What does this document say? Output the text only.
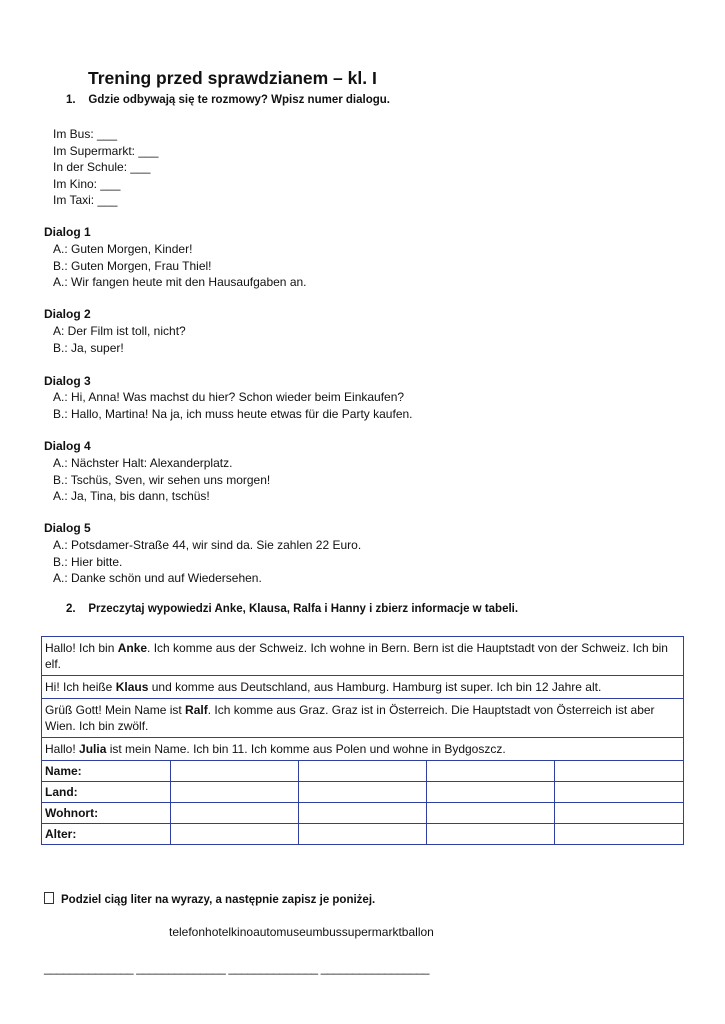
Trening przed sprawdzianem – kl. I
1. Gdzie odbywają się te rozmowy? Wpisz numer dialogu.
Im Bus: ___
Im Supermarkt: ___
In der Schule: ___
Im Kino: ___
Im Taxi: ___
Dialog 1
A.: Guten Morgen, Kinder!
B.: Guten Morgen, Frau Thiel!
A.: Wir fangen heute mit den Hausaufgaben an.
Dialog 2
A: Der Film ist toll, nicht?
B.: Ja, super!
Dialog 3
A.: Hi, Anna! Was machst du hier? Schon wieder beim Einkaufen?
B.: Hallo, Martina! Na ja, ich muss heute etwas für die Party kaufen.
Dialog 4
A.: Nächster Halt: Alexanderplatz.
B.: Tschüs, Sven, wir sehen uns morgen!
A.: Ja, Tina, bis dann, tschüs!
Dialog 5
A.: Potsdamer-Straße 44, wir sind da. Sie zahlen 22 Euro.
B.: Hier bitte.
A.: Danke schön und auf Wiedersehen.
2. Przeczytaj wypowiedzi Anke, Klausa, Ralfa i Hanny i zbierz informacje w tabeli.
Hallo! Ich bin Anke. Ich komme aus der Schweiz. Ich wohne in Bern. Bern ist die Hauptstadt von der Schweiz. Ich bin elf.				
Hi! Ich heiße Klaus und komme aus Deutschland, aus Hamburg. Hamburg ist super. Ich bin 12 Jahre alt.				
Grüß Gott! Mein Name ist Ralf. Ich komme aus Graz. Graz ist in Österreich. Die Hauptstadt von Österreich ist aber Wien. Ich bin zwölf.				
Hallo! Julia ist mein Name. Ich bin 11. Ich komme aus Polen und wohne in Bydgoszcz.				
Name:				
Land:				
Wohnort:				
Alter:				
Podziel ciąg liter na wyrazy, a następnie zapisz je poniżej.
telefonhotelkinoautomuseumbussupermarktballon
______________ ______________ ______________ _________________
